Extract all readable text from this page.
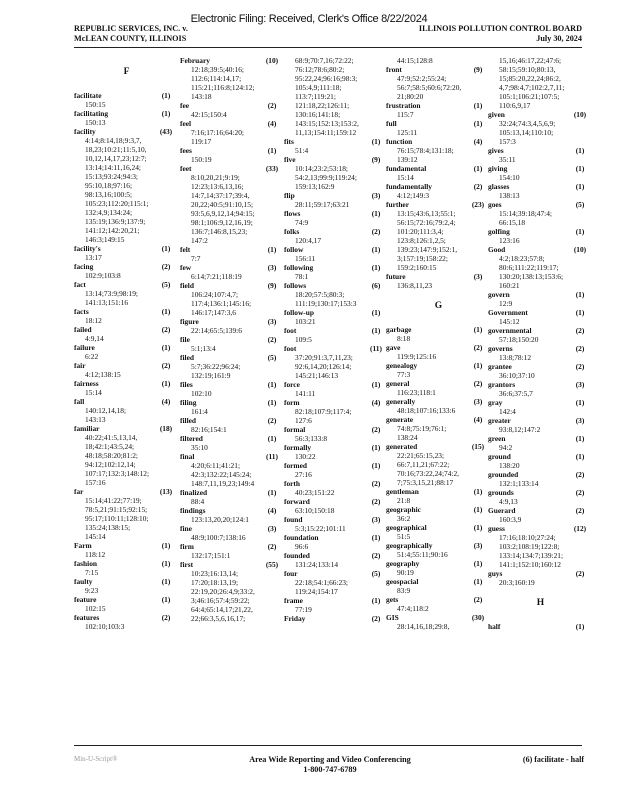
Electronic Filing: Received, Clerk's Office 8/22/2024
REPUBLIC SERVICES, INC. v.
McLEAN COUNTY, ILLINOIS
ILLINOIS POLLUTION CONTROL BOARD
July 30, 2024
F
facilitate	(1)
150:15
facilitating	(1)
150:13
facility	(43)
4:14;8:14,18;9:3,7,
18,23;10:21;11:5,10,
10,12,14,17,23;12:7;
13:14;14:11,16,24;
15:13;93:24;94:3;
95:10,18;97:16;
98:13,16;100:5;
105:23;112:20;115:1;
132:4,9;134:24;
135:19;136:9;137:9;
141:12;142:20,21;
146:3;149:15
facility's	(1)
13:17
facing	(2)
102:9;103:8
fact	(5)
13:14;73:9;98:19;
141:13;151:16
facts	(1)
18:12
failed	(2)
4:9,14
failure	(1)
6:22
fair	(2)
4:12;138:15
fairness	(1)
15:14
fall	(4)
140:12,14,18;
143:13
familiar	(18)
40:22;41:5,13,14,
18;42:1;43:5,24;
48:18;58:20;81:2;
94:12;102:12,14;
107:17;132:3;148:12;
157:16
far	(13)
15:14;41:22;77:19;
78:5,21;91:15;92:15;
95:17;110:11;128:10;
135:24;138:15;
145:14
Farm	(1)
118:12
fashion	(1)
7:15
faulty	(1)
9:23
feature	(1)
102:15
features	(2)
102:10;103:3
February	(10)
12:18;39:5;40:16;
112:6;114:14,17;
115:21;116:8;124:12;
143:18
fee	(2)
42:15;150:4
feel	(4)
7:16;17:16;64:20;
119:17
fees	(1)
150:19
feet	(33)
8:10,20,21;9:19;
12:23;13:6,13,16;
14:7,14;37:17;39:4,
20,22;40:5;91:10,15;
93:5,6,9,12,14;94:15;
98:1;106:9,12,16,19;
136:7;146:8,15,23;
147:2
felt	(1)
7:7
few	(3)
6:14;7:21;118:19
field	(9)
106:24;107:4,7;
117:4;136:1;145:16;
146:17;147:3,6
figure	(3)
22:14;65:5;139:6
file	(2)
5:1;13:4
filed	(5)
5:7;36:22;96:24;
132:19;161:9
files	(1)
102:10
filing	(1)
161:4
filled	(2)
82:16;154:1
filtered	(1)
35:10
final	(11)
4:20;6:11;41:21;
42:3;132:22;145:24;
148:7,11,19,23;149:4
finalized	(1)
88:4
findings	(4)
123:13,20,20;124:1
fine	(3)
48:9;100:7;138:16
firm	(2)
132:17;151:1
first	(55)
10:23;16:13,14;
17:20;18:13,19;
22:19,20;26:4,9;33:2,
3;46:16;57:4;59:22;
64:4;65:14,17;21,22,
22;66:3,5,6,16,17;
68:9;70:7,16;72:22;
76:12;78:6;80:2;
95:22,24;96:16;98:3;
105:4,9;111:18;
113:7;119:21;
121:18,22;126:11;
130:16;141:18;
143:15;152:13;153:2,
11,13;154:11;159:12
fits	(1)
51:4
five	(9)
10:14;23:2;53:18;
54:2,13;99:9;119:24;
159:13;162:9
flip	(3)
28:11;59:17;63:21
flows	(1)
74:9
folks	(2)
120:4,17
follow	(1)
156:11
following	(1)
78:1
follows	(6)
18:20;57:5;80:3;
111:19;130:17;153:3
follow-up	(1)
103:21
foot	(1)
109:5
foot	(11)
37:20;91:3,7,11,23;
92:6,14,20;126:14;
145:21;146:13
force	(1)
141:11
form	(4)
82:18;107:9;117:4;
127:6
formal	(2)
56:3;133:8
formally	(1)
130:22
formed	(1)
27:16
forth	(2)
40:23;151:22
forward	(2)
63:10;150:18
found	(3)
5:3;15:22;101:11
foundation	(1)
96:6
founded	(2)
131:24;133:14
four	(5)
22:18;54:1;66:23;
119:24;154:17
frame	(1)
77:19
Friday	(2)
44:15;128:8
front	(9)
47:9;52:2;55:24;
56:7;58:5;60:6;72:20,
21;80:20
frustration	(1)
115:7
full	(1)
125:11
function	(4)
76:15;78:4;131:18;
139:12
fundamental	(1)
15:14
fundamentally	(2)
4:12;149:3
further	(23)
13:15;43:6,13;55:1;
56:15;72:16;79:2,4;
101:20;111:3,4;
123:8;126:1,2,5;
139:23;147:9;152:1,
3;157:19;158:22;
159:2;160:15
future	(3)
136:8,11,23
G
garbage	(1)
8:18
gave	(2)
119:9;125:16
genealogy	(1)
77:3
general	(2)
116:23;118:1
generally	(3)
48:18;107:16;133:6
generate	(4)
74:8;75:19;76:1;
138:24
generated	(15)
22:21;65:15,23;
66:7,11,21;67:22;
70:16;73:22,24;74:2,
7;75:3,15,21;88:17
gentleman	(1)
21:8
geographic	(1)
36:2
geographical	(1)
51:5
geographically	(3)
51:4;55:11;90:16
geography	(1)
90:19
geospacial	(1)
83:9
gets	(2)
47:4;118:2
GIS	(30)
28:14,16,18;29:8,
15,16;46:17,22;47:6;
58:15;59:10;80:13,
15;85:20,22,24;86:2,
4,7;98:4,7;102:2,7,11;
105:1;106:21;107:5;
110:6,9,17
given	(10)
32:24;74:3,4,5,6,9;
105:13,14;110:10;
157:3
gives	(1)
35:11
giving	(1)
154:10
glasses	(1)
138:13
goes	(5)
15:14;39:18;47:4;
66:15,18
golfing	(1)
123:16
Good	(10)
4:2;18:23;57:8;
80:6;111:22;119:17;
130:20;138:13;153:6;
160:21
govern	(1)
12:9
Government	(1)
145:12
governmental	(2)
57:18;150:20
governs	(2)
13:8;78:12
grantee	(2)
36:10;37:10
grantors	(3)
36:6;37:5,7
gray	(1)
142:4
greater	(3)
93:8,12;147:2
green	(1)
94:2
ground	(1)
138:20
grounded	(2)
132:1;133:14
grounds	(2)
4:9,13
Guerard	(2)
160:3,9
guess	(12)
17:16;18:10;27:24;
103:2;108:19;122:8;
133:14;134:7;139:21;
141:1;152:10;160:12
guys	(2)
20:3;160:19
H
half	(1)
Min-U-Script®	Area Wide Reporting and Video Conferencing
1-800-747-6789
(6) facilitate - half
